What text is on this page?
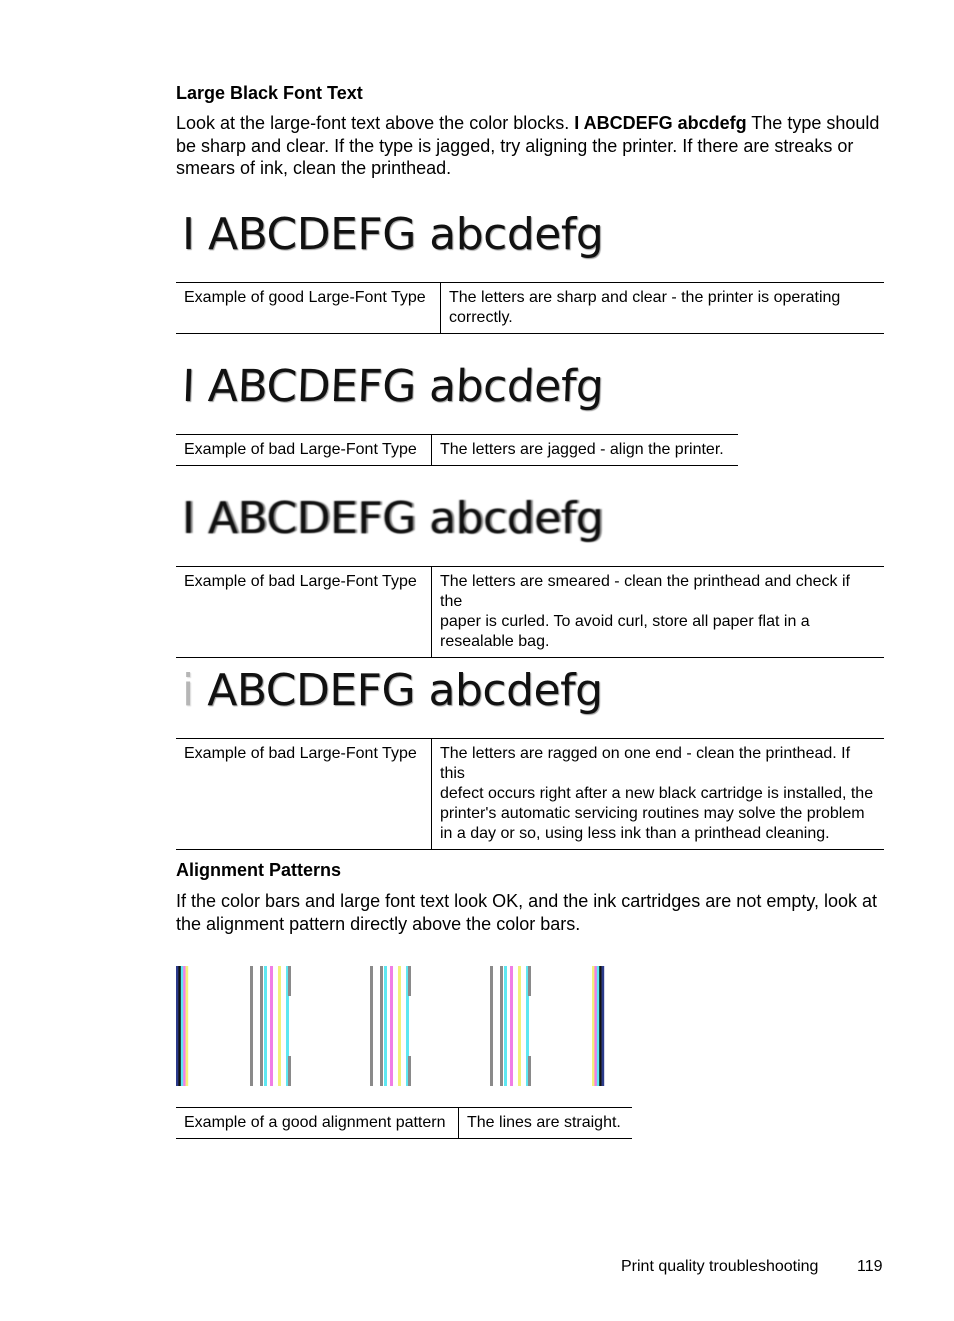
Large Black Font Text

Look at the large-font text above the color blocks. I ABCDEFG abcdefg The type should
be sharp and clear. If the type is jagged, try aligning the printer. If there are streaks or
smears of ink, clean the printhead.

I ABCDEFG abcdefg
Example of good Large-Font Type	The letters are sharp and clear - the printer is operating
correctly.
I ABCDEFG abcdefg
Example of bad Large-Font Type	The letters are jagged - align the printer.
I ABCDEFG abcdefg
Example of bad Large-Font Type	The letters are smeared - clean the printhead and check if the
paper is curled. To avoid curl, store all paper flat in a
resealable bag.
i ABCDEFG abcdefg
Example of bad Large-Font Type	The letters are ragged on one end - clean the printhead. If this
defect occurs right after a new black cartridge is installed, the
printer's automatic servicing routines may solve the problem
in a day or so, using less ink than a printhead cleaning.
Alignment Patterns

If the color bars and large font text look OK, and the ink cartridges are not empty, look at
the alignment pattern directly above the color bars.

Example of a good alignment pattern	The lines are straight.
Print quality troubleshooting 119
